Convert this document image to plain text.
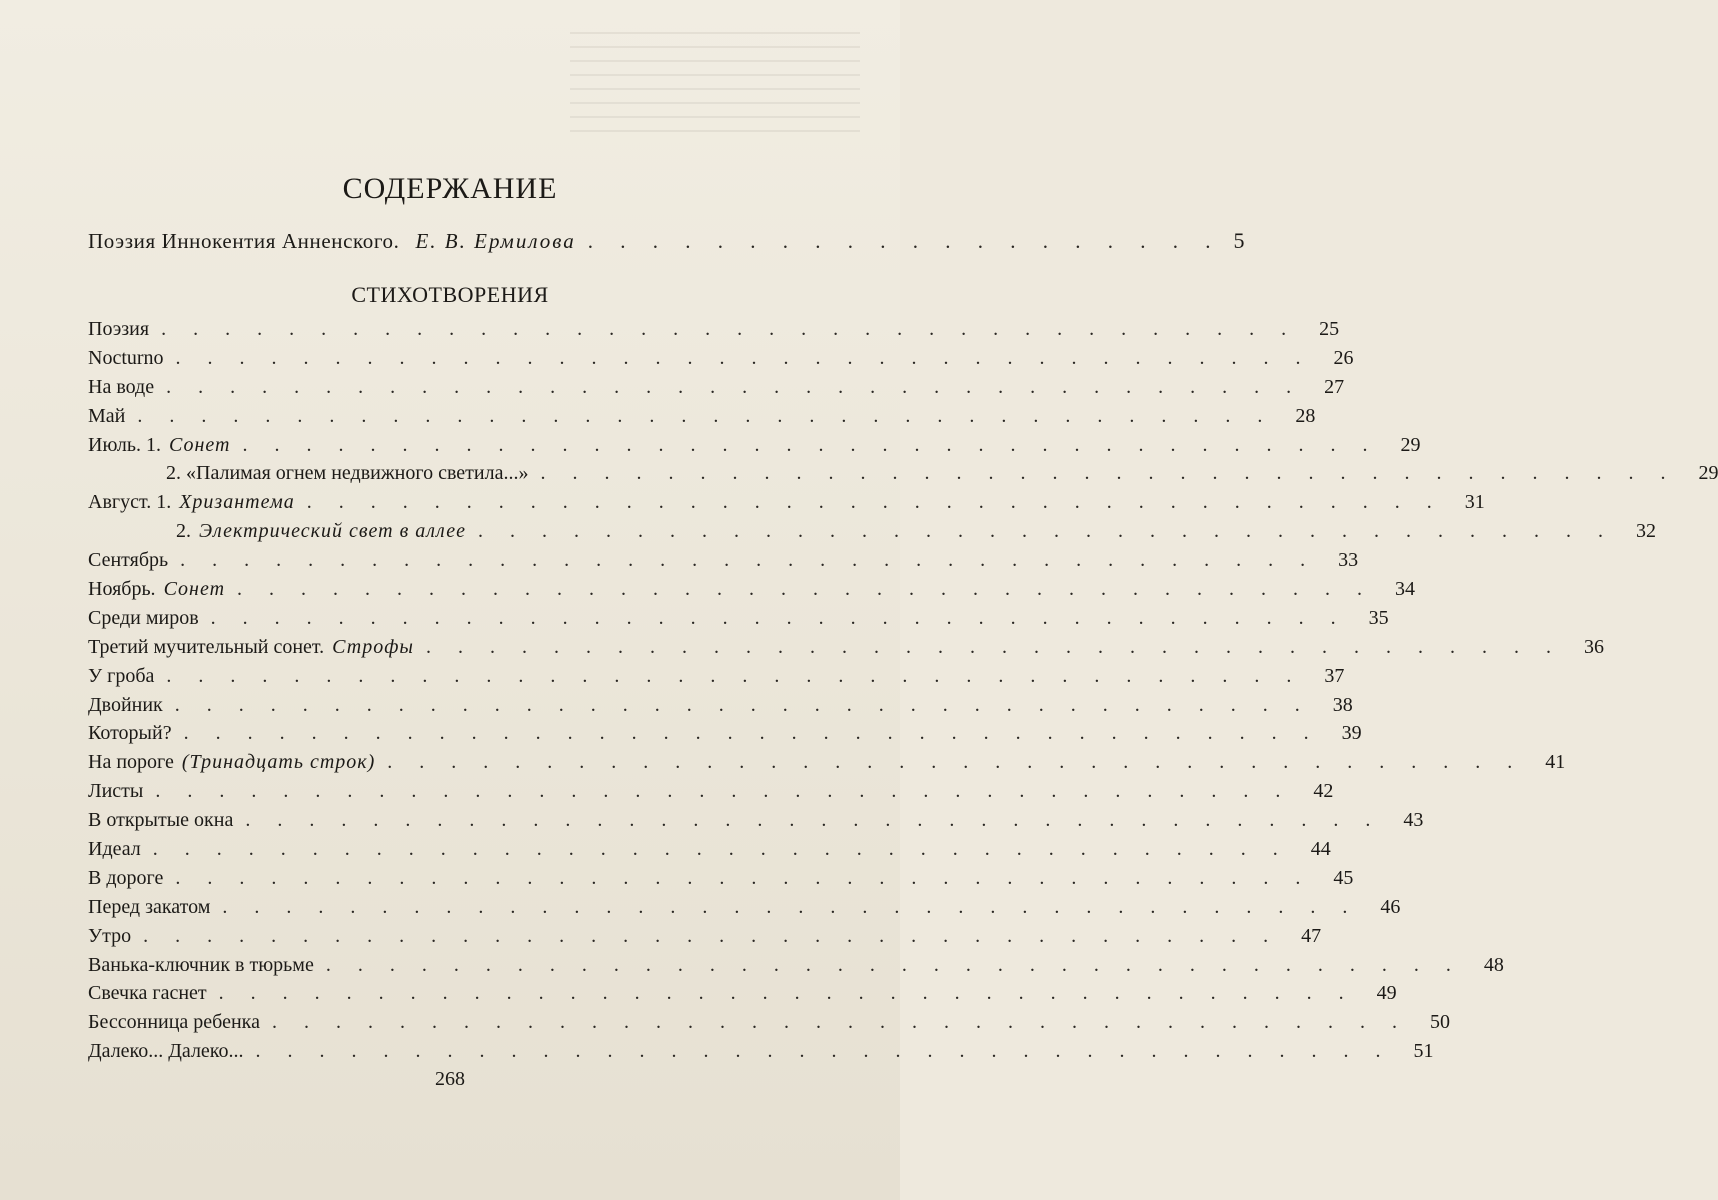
СОДЕРЖАНИЕ
Поэзия Иннокентия Анненского. Е. В. Ермилова . . . . . . . . . . . . . . . . . . . . 5
СТИХОТВОРЕНИЯ
Поэзия . . . . . . . . . . . . . . . . . . . . . . . . . . . . . . . . . . . .	25
Nocturno . . . . . . . . . . . . . . . . . . . . . . . . . . . . . . . . . . . .	26
На воде . . . . . . . . . . . . . . . . . . . . . . . . . . . . . . . . . . . .	27
Май . . . . . . . . . . . . . . . . . . . . . . . . . . . . . . . . . . . .	28
Июль. 1. Сонет . . . . . . . . . . . . . . . . . . . . . . . . . . . . . . . . . . . .	29
2. «Палимая огнем недвижного светила...» . . . . . . . . . . . . . . . . . . . . . . . . . . . . . . . . . . . .	29
Август. 1. Хризантема . . . . . . . . . . . . . . . . . . . . . . . . . . . . . . . . . . . .	31
2. Электрический свет в аллее . . . . . . . . . . . . . . . . . . . . . . . . . . . . . . . . . . . .	32
Сентябрь . . . . . . . . . . . . . . . . . . . . . . . . . . . . . . . . . . . .	33
Ноябрь. Сонет . . . . . . . . . . . . . . . . . . . . . . . . . . . . . . . . . . . .	34
Среди миров . . . . . . . . . . . . . . . . . . . . . . . . . . . . . . . . . . . .	35
Третий мучительный сонет. Строфы . . . . . . . . . . . . . . . . . . . . . . . . . . . . . . . . . . . .	36
У гроба . . . . . . . . . . . . . . . . . . . . . . . . . . . . . . . . . . . .	37
Двойник . . . . . . . . . . . . . . . . . . . . . . . . . . . . . . . . . . . .	38
Который? . . . . . . . . . . . . . . . . . . . . . . . . . . . . . . . . . . . .	39
На пороге (Тринадцать строк) . . . . . . . . . . . . . . . . . . . . . . . . . . . . . . . . . . . .	41
Листы . . . . . . . . . . . . . . . . . . . . . . . . . . . . . . . . . . . .	42
В открытые окна . . . . . . . . . . . . . . . . . . . . . . . . . . . . . . . . . . . .	43
Идеал . . . . . . . . . . . . . . . . . . . . . . . . . . . . . . . . . . . .	44
В дороге . . . . . . . . . . . . . . . . . . . . . . . . . . . . . . . . . . . .	45
Перед закатом . . . . . . . . . . . . . . . . . . . . . . . . . . . . . . . . . . . .	46
Утро . . . . . . . . . . . . . . . . . . . . . . . . . . . . . . . . . . . .	47
Ванька-ключник в тюрьме . . . . . . . . . . . . . . . . . . . . . . . . . . . . . . . . . . . .	48
Свечка гаснет . . . . . . . . . . . . . . . . . . . . . . . . . . . . . . . . . . . .	49
Бессонница ребенка . . . . . . . . . . . . . . . . . . . . . . . . . . . . . . . . . . . .	50
Далеко... Далеко... . . . . . . . . . . . . . . . . . . . . . . . . . . . . . . . . . . . .	51
268
